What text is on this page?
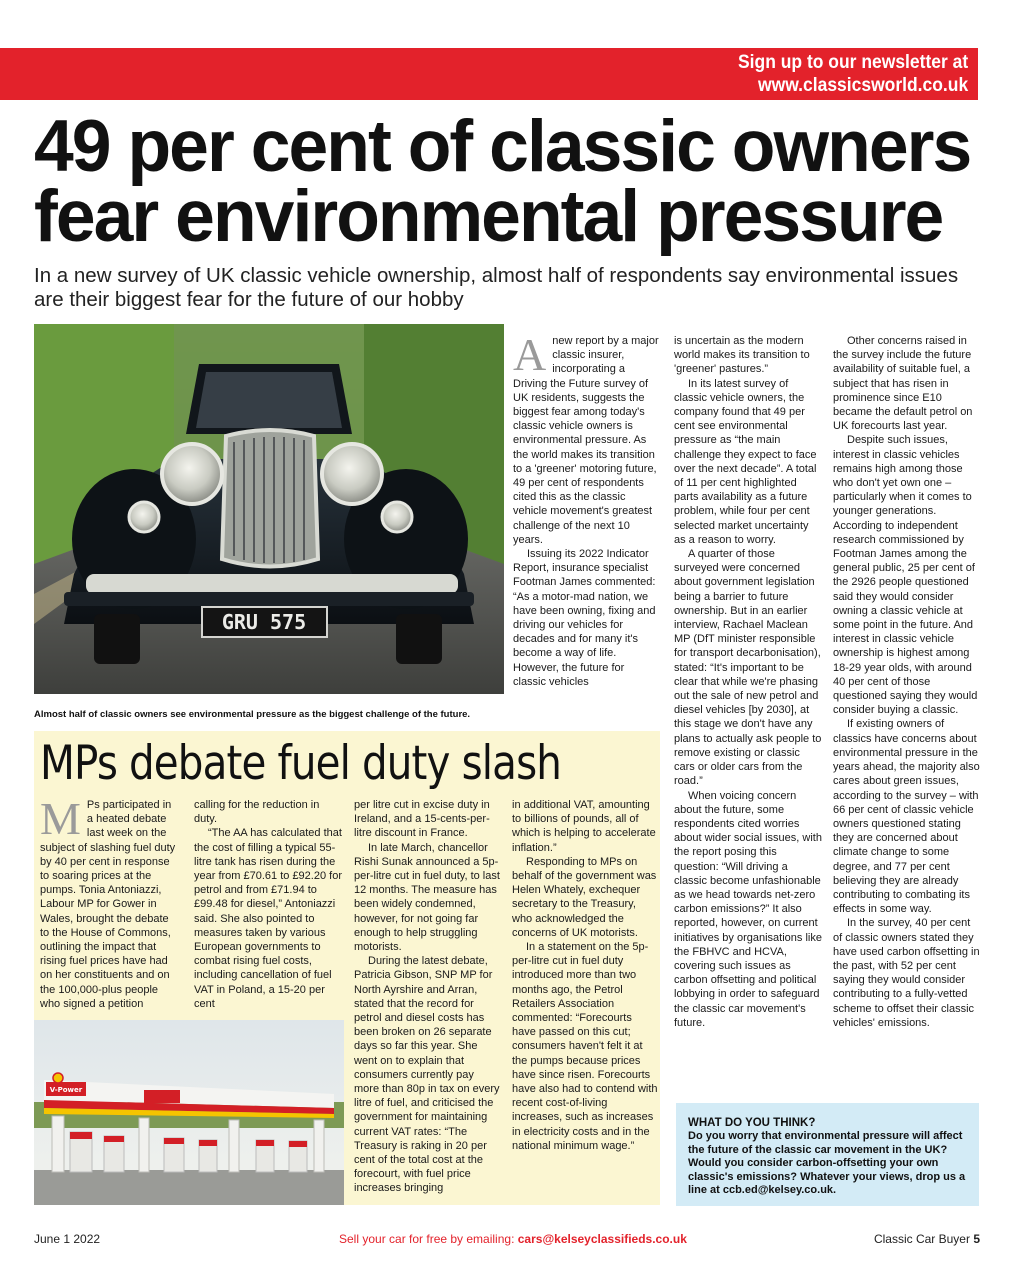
Sign up to our newsletter at
www.classicsworld.co.uk
49 per cent of classic owners
fear environmental pressure
In a new survey of UK classic vehicle ownership, almost half of respondents say environmental issues are their biggest fear for the future of our hobby
GRU 575
Almost half of classic owners see environmental pressure as the biggest challenge of the future.

Anew report by a major classic insurer, incorporating a Driving the Future survey of UK residents, suggests the biggest fear among today's classic vehicle owners is environmental pressure. As the world makes its transition to a 'greener' motoring future, 49 per cent of respondents cited this as the classic vehicle movement's greatest challenge of the next 10 years.

Issuing its 2022 Indicator Report, insurance specialist Footman James commented: “As a motor-mad nation, we have been owning, fixing and driving our vehicles for decades and for many it's become a way of life. However, the future for classic vehicles

is uncertain as the modern world makes its transition to 'greener' pastures.”

In its latest survey of classic vehicle owners, the company found that 49 per cent see environmental pressure as “the main challenge they expect to face over the next decade”. A total of 11 per cent highlighted parts availability as a future problem, while four per cent selected market uncertainty as a reason to worry.

A quarter of those surveyed were concerned about government legislation being a barrier to future ownership. But in an earlier interview, Rachael Maclean MP (DfT minister responsible for transport decarbonisation), stated: “It's important to be clear that while we're phasing out the sale of new petrol and diesel vehicles [by 2030], at this stage we don't have any plans to actually ask people to remove existing or classic cars or older cars from the road.”

When voicing concern about the future, some respondents cited worries about wider social issues, with the report posing this question: “Will driving a classic become unfashionable as we head towards net-zero carbon emissions?” It also reported, however, on current initiatives by organisations like the FBHVC and HCVA, covering such issues as carbon offsetting and political lobbying in order to safeguard the classic car movement's future.

Other concerns raised in the survey include the future availability of suitable fuel, a subject that has risen in prominence since E10 became the default petrol on UK forecourts last year.

Despite such issues, interest in classic vehicles remains high among those who don't yet own one – particularly when it comes to younger generations. According to independent research commissioned by Footman James among the general public, 25 per cent of the 2926 people questioned said they would consider owning a classic vehicle at some point in the future. And interest in classic vehicle ownership is highest among 18-29 year olds, with around 40 per cent of those questioned saying they would consider buying a classic.

If existing owners of classics have concerns about environmental pressure in the years ahead, the majority also cares about green issues, according to the survey – with 66 per cent of classic vehicle owners questioned stating they are concerned about climate change to some degree, and 77 per cent believing they are already contributing to combating its effects in some way.

In the survey, 40 per cent of classic owners stated they have used carbon offsetting in the past, with 52 per cent saying they would consider contributing to a fully-vetted scheme to offset their classic vehicles' emissions.

MPs debate fuel duty slash

M Ps participated in a heated debate last week on the subject of slashing fuel duty by 40 per cent in response to soaring prices at the pumps. Tonia Antoniazzi, Labour MP for Gower in Wales, brought the debate to the House of Commons, outlining the impact that rising fuel prices have had on her constituents and on the 100,000-plus people who signed a petition

calling for the reduction in duty.

“The AA has calculated that the cost of filling a typical 55-litre tank has risen during the year from £70.61 to £92.20 for petrol and from £71.94 to £99.48 for diesel,” Antoniazzi said. She also pointed to measures taken by various European governments to combat rising fuel costs, including cancellation of fuel VAT in Poland, a 15-20 per cent

per litre cut in excise duty in Ireland, and a 15-cents-per-litre discount in France.

In late March, chancellor Rishi Sunak announced a 5p-per-litre cut in fuel duty, to last 12 months. The measure has been widely condemned, however, for not going far enough to help struggling motorists.

During the latest debate, Patricia Gibson, SNP MP for North Ayrshire and Arran, stated that the record for petrol and diesel costs has been broken on 26 separate days so far this year. She went on to explain that consumers currently pay more than 80p in tax on every litre of fuel, and criticised the government for maintaining current VAT rates: “The Treasury is raking in 20 per cent of the total cost at the forecourt, with fuel price increases bringing

in additional VAT, amounting to billions of pounds, all of which is helping to accelerate inflation.”

Responding to MPs on behalf of the government was Helen Whately, exchequer secretary to the Treasury, who acknowledged the concerns of UK motorists.

In a statement on the 5p-per-litre cut in fuel duty introduced more than two months ago, the Petrol Retailers Association commented: “Forecourts have passed on this cut; consumers haven't felt it at the pumps because prices have since risen. Forecourts have also had to contend with recent cost-of-living increases, such as increases in electricity costs and in the national minimum wage.”

V-Power
WHAT DO YOU THINK?

Do you worry that environmental pressure will affect the future of the classic car movement in the UK? Would you consider carbon-offsetting your own classic's emissions? Whatever your views, drop us a line at ccb.ed@kelsey.co.uk.

June 1 2022	Sell your car for free by emailing: cars@kelseyclassifieds.co.uk	Classic Car Buyer 5
